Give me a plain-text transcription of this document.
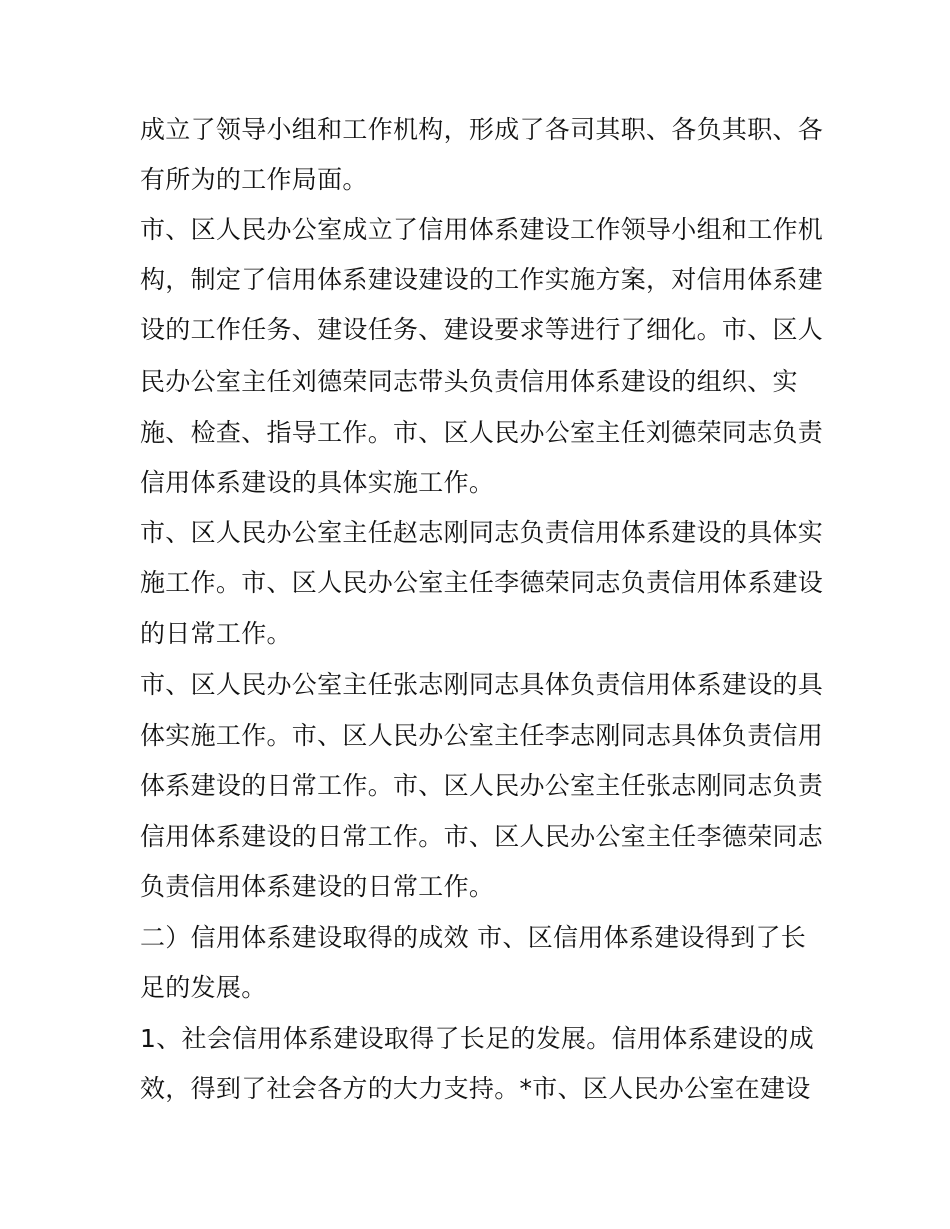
成立了领导小组和工作机构，形成了各司其职、各负其职、各
有所为的工作局面。
市、区人民办公室成立了信用体系建设工作领导小组和工作机
构，制定了信用体系建设建设的工作实施方案，对信用体系建
设的工作任务、建设任务、建设要求等进行了细化。市、区人
民办公室主任刘德荣同志带头负责信用体系建设的组织、实
施、检查、指导工作。市、区人民办公室主任刘德荣同志负责
信用体系建设的具体实施工作。
市、区人民办公室主任赵志刚同志负责信用体系建设的具体实
施工作。市、区人民办公室主任李德荣同志负责信用体系建设
的日常工作。
市、区人民办公室主任张志刚同志具体负责信用体系建设的具
体实施工作。市、区人民办公室主任李志刚同志具体负责信用
体系建设的日常工作。市、区人民办公室主任张志刚同志负责
信用体系建设的日常工作。市、区人民办公室主任李德荣同志
负责信用体系建设的日常工作。
二）信用体系建设取得的成效 市、区信用体系建设得到了长
足的发展。
1、社会信用体系建设取得了长足的发展。信用体系建设的成
效，得到了社会各方的大力支持。*市、区人民办公室在建设
